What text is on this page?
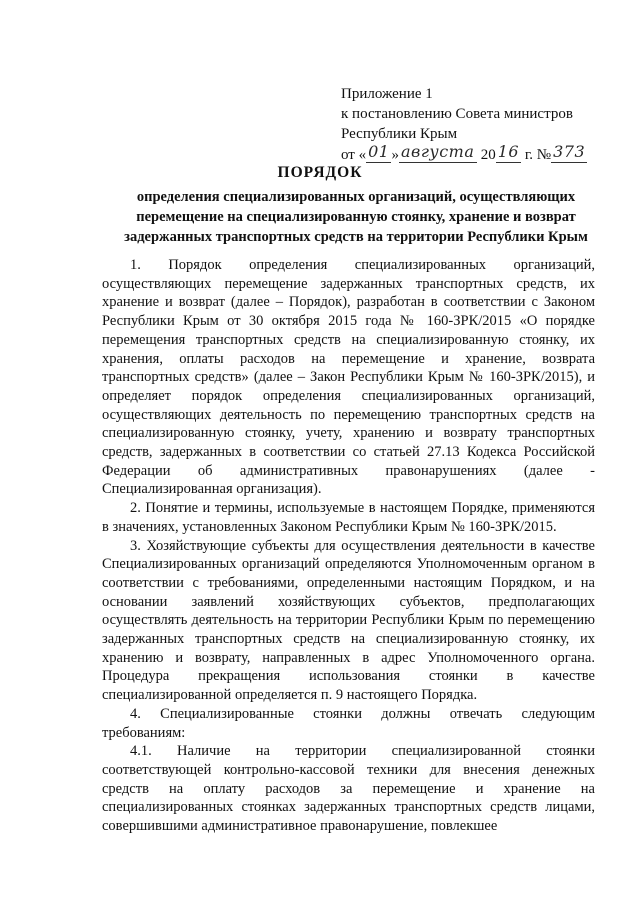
Приложение 1
к постановлению Совета министров
Республики Крым
от « 01 » августа 20 16 г. № 373
ПОРЯДОК
определения специализированных организаций, осуществляющих перемещение на специализированную стоянку, хранение и возврат задержанных транспортных средств на территории Республики Крым

1. Порядок определения специализированных организаций, осуществляющих перемещение задержанных транспортных средств, их хранение и возврат (далее – Порядок), разработан в соответствии с Законом Республики Крым от 30 октября 2015 года № 160-ЗРК/2015 «О порядке перемещения транспортных средств на специализированную стоянку, их хранения, оплаты расходов на перемещение и хранение, возврата транспортных средств» (далее – Закон Республики Крым № 160-ЗРК/2015), и определяет порядок определения специализированных организаций, осуществляющих деятельность по перемещению транспортных средств на специализированную стоянку, учету, хранению и возврату транспортных средств, задержанных в соответствии со статьей 27.13 Кодекса Российской Федерации об административных правонарушениях (далее - Специализированная организация).

2. Понятие и термины, используемые в настоящем Порядке, применяются в значениях, установленных Законом Республики Крым № 160-ЗРК/2015.

3. Хозяйствующие субъекты для осуществления деятельности в качестве Специализированных организаций определяются Уполномоченным органом в соответствии с требованиями, определенными настоящим Порядком, и на основании заявлений хозяйствующих субъектов, предполагающих осуществлять деятельность на территории Республики Крым по перемещению задержанных транспортных средств на специализированную стоянку, их хранению и возврату, направленных в адрес Уполномоченного органа. Процедура прекращения использования стоянки в качестве специализированной определяется п. 9 настоящего Порядка.

4. Специализированные стоянки должны отвечать следующим требованиям:

4.1. Наличие на территории специализированной стоянки соответствующей контрольно-кассовой техники для внесения денежных средств на оплату расходов за перемещение и хранение на специализированных стоянках задержанных транспортных средств лицами, совершившими административное правонарушение, повлекшее
